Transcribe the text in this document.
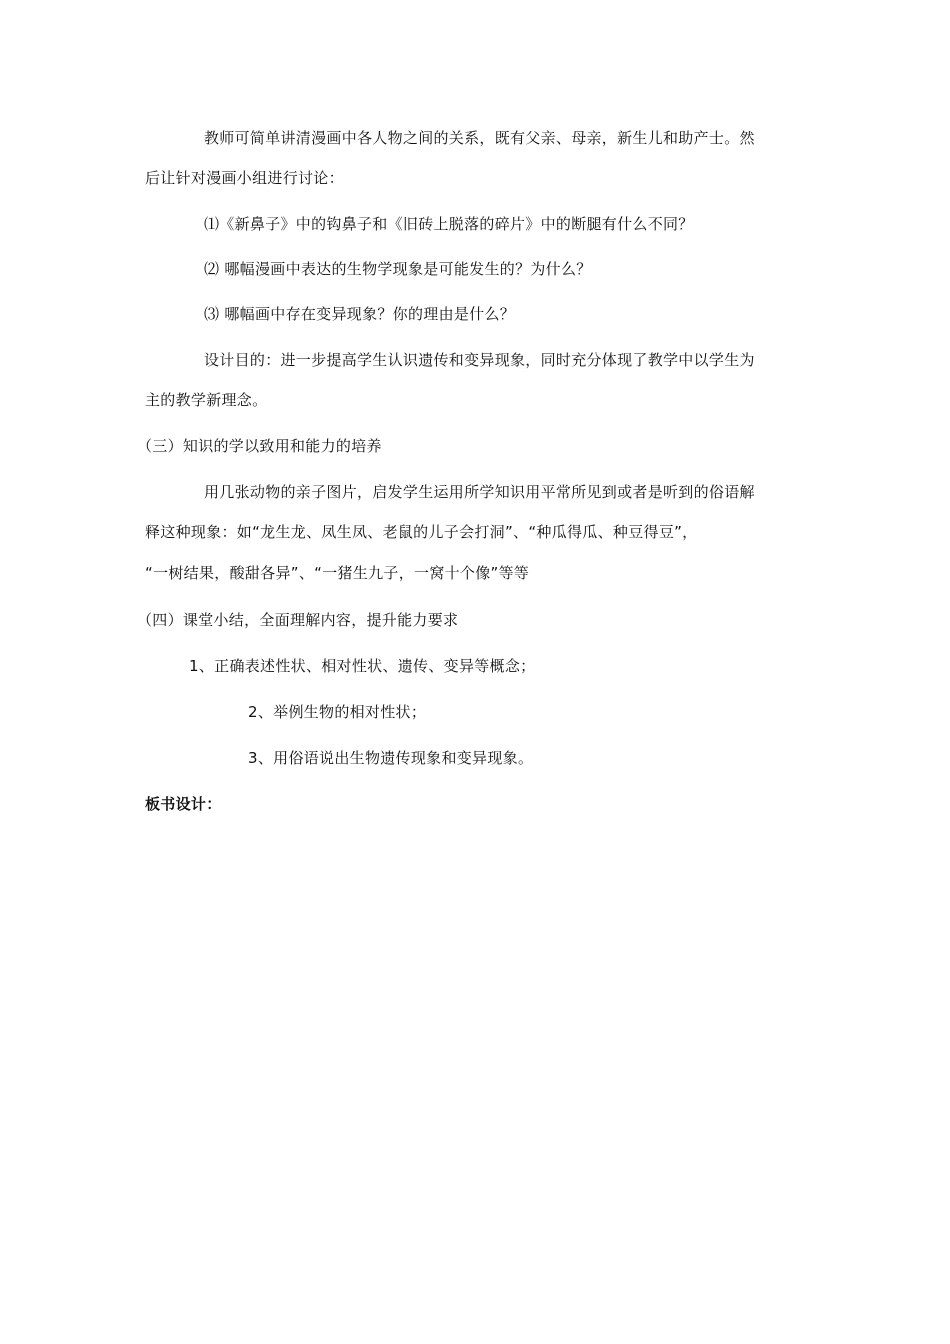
教师可简单讲清漫画中各人物之间的关系，既有父亲、母亲，新生儿和助产士。然
后让针对漫画小组进行讨论：
⑴《新鼻子》中的钩鼻子和《旧砖上脱落的碎片》中的断腿有什么不同？
⑵ 哪幅漫画中表达的生物学现象是可能发生的？为什么？
⑶ 哪幅画中存在变异现象？你的理由是什么？
设计目的：进一步提高学生认识遗传和变异现象，同时充分体现了教学中以学生为
主的教学新理念。
（三）知识的学以致用和能力的培养
用几张动物的亲子图片，启发学生运用所学知识用平常所见到或者是听到的俗语解
释这种现象：如“龙生龙、凤生凤、老鼠的儿子会打洞”、“种瓜得瓜、种豆得豆”，
“一树结果，酸甜各异”、“一猪生九子，一窝十个像”等等
（四）课堂小结，全面理解内容，提升能力要求
1、正确表述性状、相对性状、遗传、变异等概念；
2、举例生物的相对性状；
3、用俗语说出生物遗传现象和变异现象。
板书设计：
